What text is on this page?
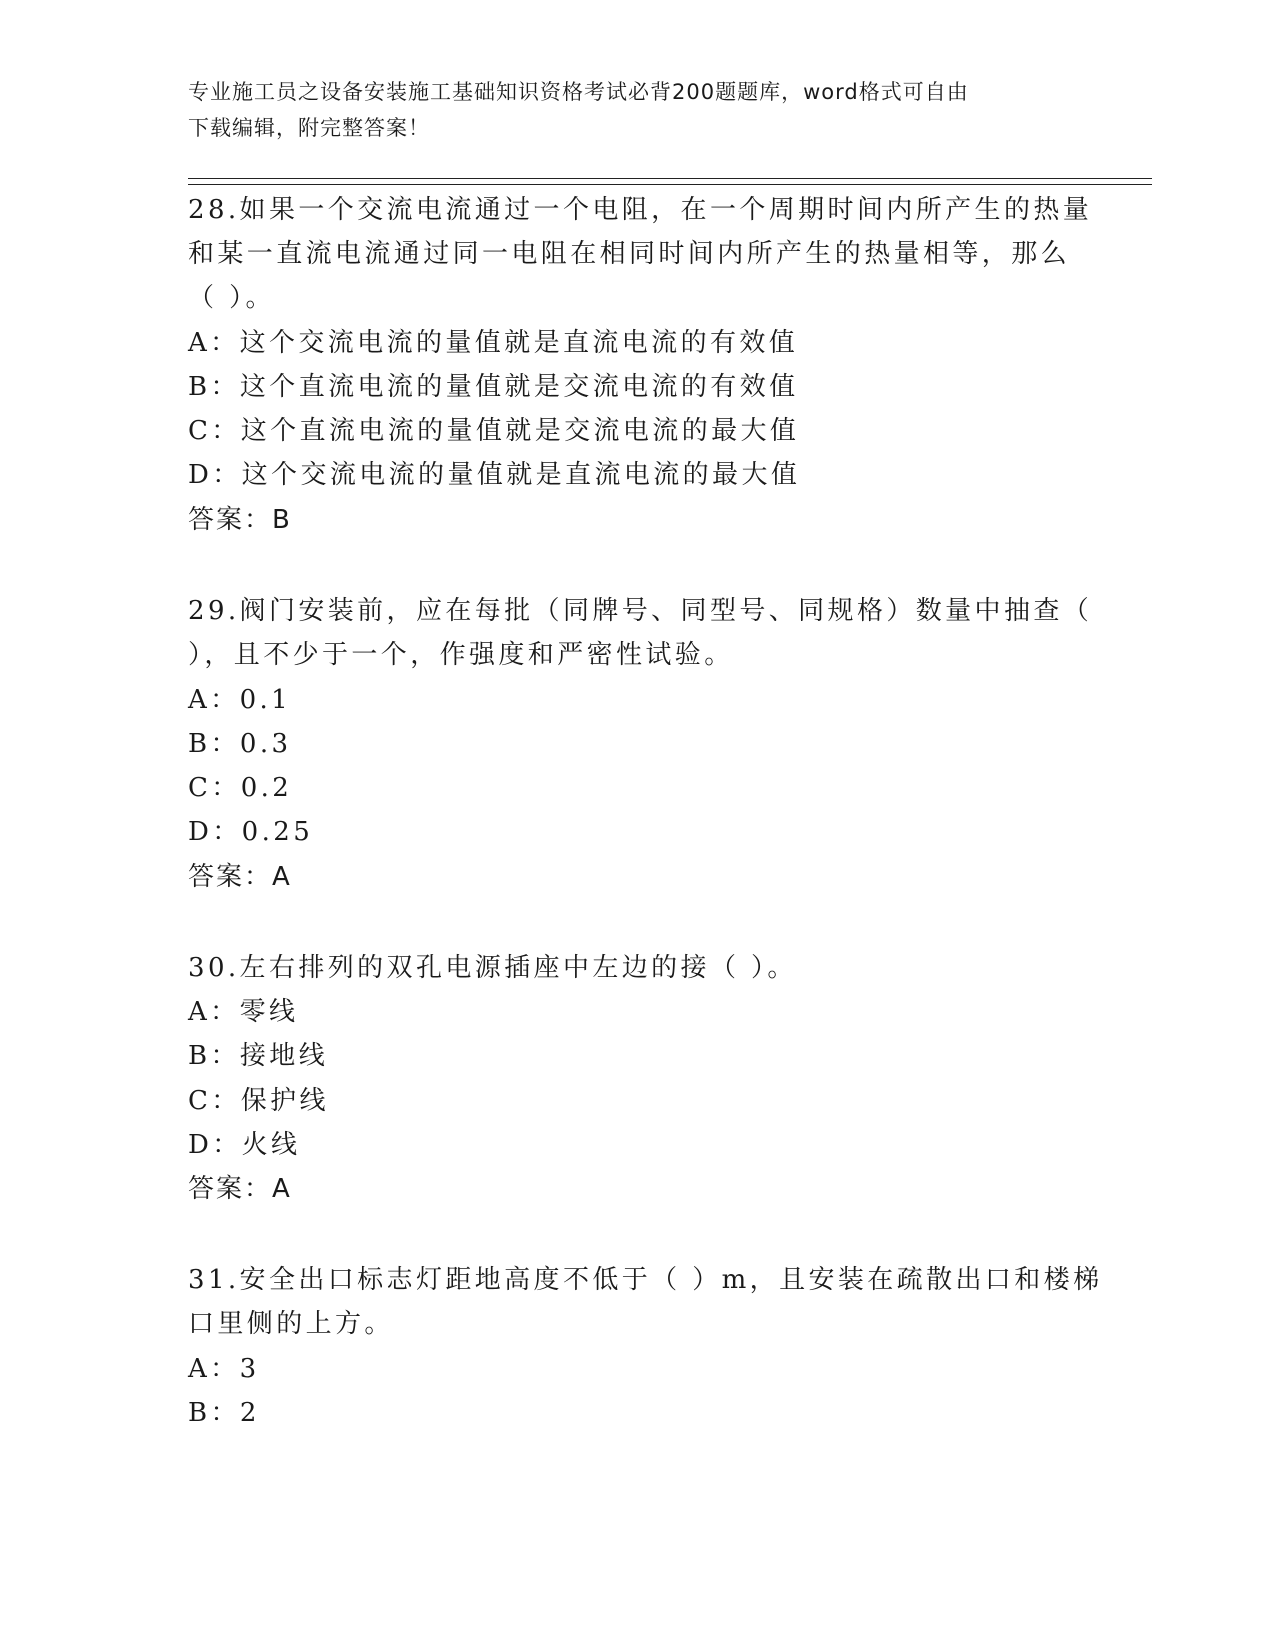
专业施工员之设备安装施工基础知识资格考试必背200题题库，word格式可自由
下载编辑，附完整答案！
28.如果一个交流电流通过一个电阻，在一个周期时间内所产生的热量
和某一直流电流通过同一电阻在相同时间内所产生的热量相等，那么
（ ）。
A：这个交流电流的量值就是直流电流的有效值
B：这个直流电流的量值就是交流电流的有效值
C：这个直流电流的量值就是交流电流的最大值
D：这个交流电流的量值就是直流电流的最大值
答案：B
29.阀门安装前，应在每批（同牌号、同型号、同规格）数量中抽查（
），且不少于一个，作强度和严密性试验。
A：0.1
B：0.3
C：0.2
D：0.25
答案：A
30.左右排列的双孔电源插座中左边的接（ ）。
A：零线
B：接地线
C：保护线
D：火线
答案：A
31.安全出口标志灯距地高度不低于（ ）m，且安装在疏散出口和楼梯
口里侧的上方。
A：3
B：2
